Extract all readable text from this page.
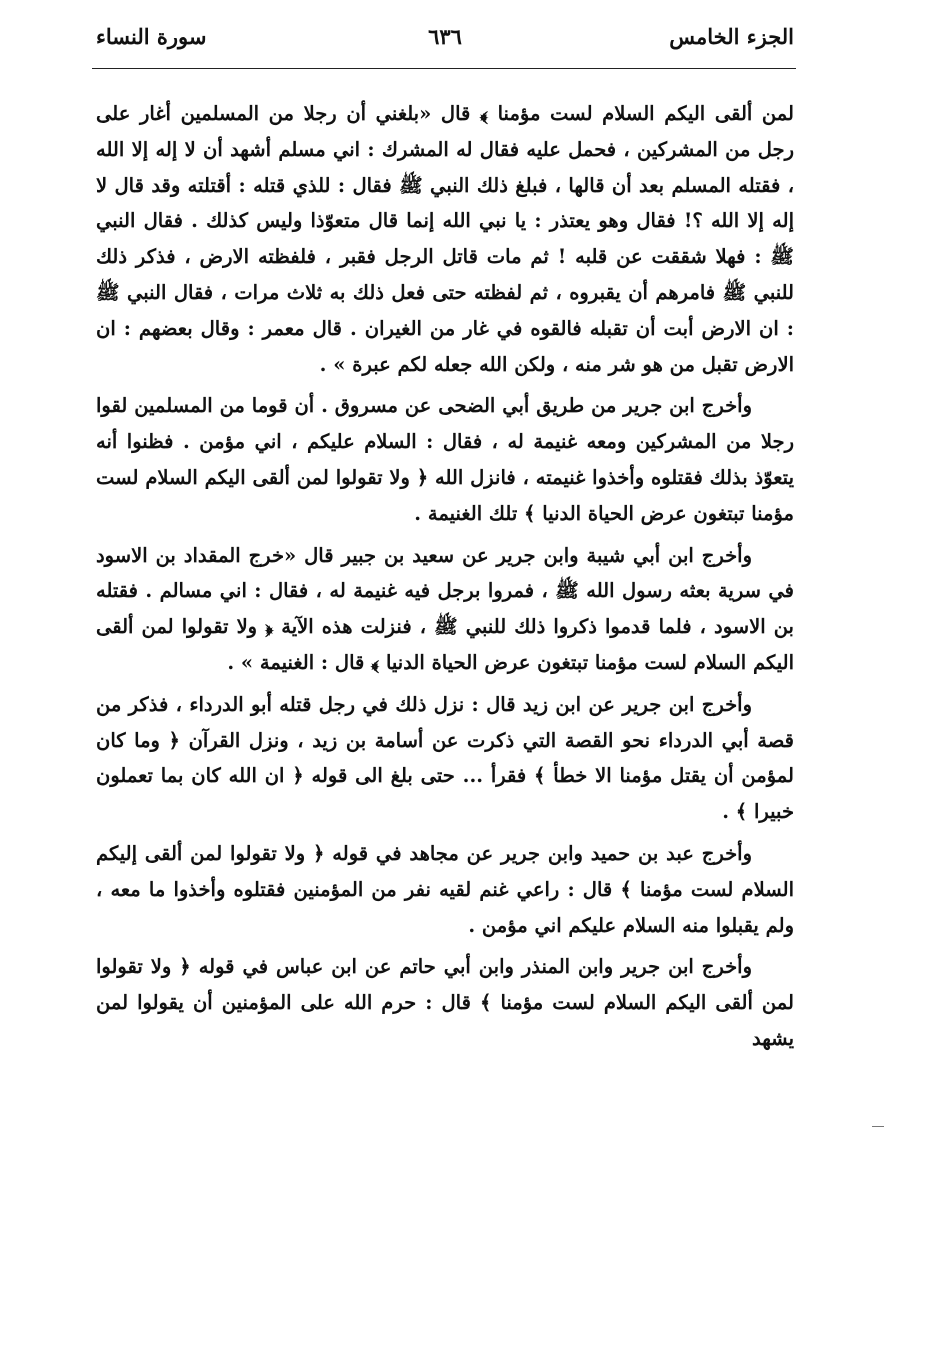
الجزء الخامس
٦٣٦
سورة النساء

لمن ألقى اليكم السلام لست مؤمنا ﴾ قال «بلغني أن رجلا من المسلمين أغار على رجل من المشركين ، فحمل عليه فقال له المشرك : اني مسلم أشهد أن لا إله إلا الله ، فقتله المسلم بعد أن قالها ، فبلغ ذلك النبي ﷺ فقال : للذي قتله : أقتلته وقد قال لا إله إلا الله ؟! فقال وهو يعتذر : يا نبي الله إنما قال متعوّذا وليس كذلك . فقال النبي ﷺ : فهلا شققت عن قلبه ! ثم مات قاتل الرجل فقبر ، فلفظته الارض ، فذكر ذلك للنبي ﷺ فامرهم أن يقبروه ، ثم لفظته حتى فعل ذلك به ثلاث مرات ، فقال النبي ﷺ : ان الارض أبت أن تقبله فالقوه في غار من الغيران . قال معمر : وقال بعضهم : ان الارض تقبل من هو شر منه ، ولكن الله جعله لكم عبرة » .

وأخرج ابن جرير من طريق أبي الضحى عن مسروق . أن قوما من المسلمين لقوا رجلا من المشركين ومعه غنيمة له ، فقال : السلام عليكم ، اني مؤمن . فظنوا أنه يتعوّذ بذلك فقتلوه وأخذوا غنيمته ، فانزل الله ﴿ ولا تقولوا لمن ألقى اليكم السلام لست مؤمنا تبتغون عرض الحياة الدنيا ﴾ تلك الغنيمة .

وأخرج ابن أبي شيبة وابن جرير عن سعيد بن جبير قال «خرج المقداد بن الاسود في سرية بعثه رسول الله ﷺ ، فمروا برجل فيه غنيمة له ، فقال : اني مسالم . فقتله بن الاسود ، فلما قدموا ذكروا ذلك للنبي ﷺ ، فنزلت هذه الآية ﴿ ولا تقولوا لمن ألقى اليكم السلام لست مؤمنا تبتغون عرض الحياة الدنيا ﴾ قال : الغنيمة » .

وأخرج ابن جرير عن ابن زيد قال : نزل ذلك في رجل قتله أبو الدرداء ، فذكر من قصة أبي الدرداء نحو القصة التي ذكرت عن أسامة بن زيد ، ونزل القرآن ﴿ وما كان لمؤمن أن يقتل مؤمنا الا خطأ ﴾ فقرأ ... حتى بلغ الى قوله ﴿ ان الله كان بما تعملون خبيرا ﴾ .

وأخرج عبد بن حميد وابن جرير عن مجاهد في قوله ﴿ ولا تقولوا لمن ألقى إليكم السلام لست مؤمنا ﴾ قال : راعي غنم لقيه نفر من المؤمنين فقتلوه وأخذوا ما معه ، ولم يقبلوا منه السلام عليكم اني مؤمن .

وأخرج ابن جرير وابن المنذر وابن أبي حاتم عن ابن عباس في قوله ﴿ ولا تقولوا لمن ألقى اليكم السلام لست مؤمنا ﴾ قال : حرم الله على المؤمنين أن يقولوا لمن يشهد
